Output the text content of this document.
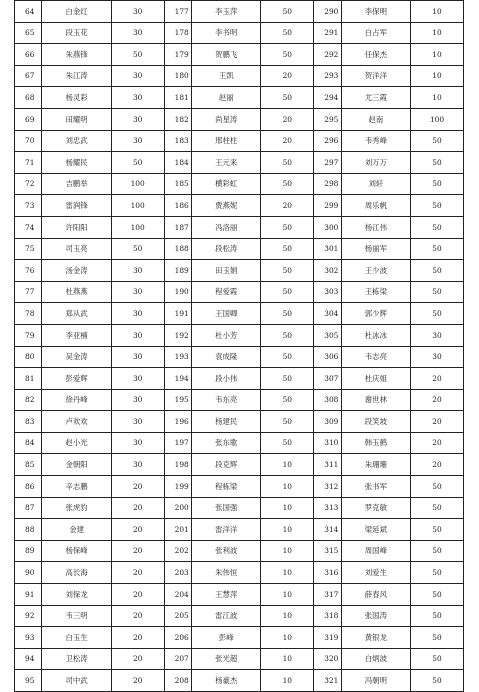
64	白金红	30	177	李玉萍	50	290	李保明	10
65	段玉花	30	178	李书明	50	291	白占军	10
66	朱燕锋	50	179	贺鹏飞	50	292	任保杰	10
67	朱江涛	30	180	王凯	20	293	贺洋洋	10
68	杨灵彩	30	181	赵丽	50	294	尤三霞	10
69	田耀明	30	182	尚星涛	20	295	赵南	100
70	刘忠武	30	183	邢柱柱	20	296	韦秀峰	50
71	杨耀民	50	184	王元来	50	297	刘万万	50
72	吉鹏举	100	185	横彩虹	50	298	刘轩	50
73	雷润锋	100	186	贾燕妮	20	299	周乐帆	50
74	许阳阳	100	187	冯洛丽	50	300	杨江伟	50
75	司玉亮	50	188	段松涛	50	301	杨丽军	50
76	汤金涛	30	189	田玉娟	50	302	王少波	50
77	杜燕燕	30	190	程爱霞	50	303	王栋梁	50
78	郑从武	30	191	王国卿	50	304	郭少辉	50
79	李亚楠	30	192	杜小芳	50	305	杜冰冰	30
80	吴金涛	30	193	袁成隆	50	306	韦志亮	30
81	彭爱辉	30	194	段小伟	50	307	杜庆姐	20
82	徐丹峰	30	195	韦东亮	50	308	谢世林	20
83	卢欢欢	30	196	杨建民	50	309	段笑坡	20
84	赵小光	30	197	张东歌	50	310	韩玉鹤	20
85	金朝阳	30	198	段克辉	10	311	朱珊珊	20
86	辛志鹏	20	199	程栋梁	10	312	张书军	50
87	张虎豹	20	200	张国强	10	313	罗克敏	50
88	金建	20	201	雷洋洋	10	314	梁延斌	50
89	杨保峰	20	202	张利波	10	315	周国峰	50
90	高长海	20	203	朱伟恒	10	316	刘爱生	50
91	刘保龙	20	204	王慧萍	10	317	薛春风	50
92	韦三明	20	205	雷江波	10	318	张国涛	50
93	白玉生	20	206	彭峰	10	319	黄银龙	50
94	卫松涛	20	207	张光超	10	320	白炳波	50
95	司中武	20	208	杨豪杰	10	321	冯朝明	50
